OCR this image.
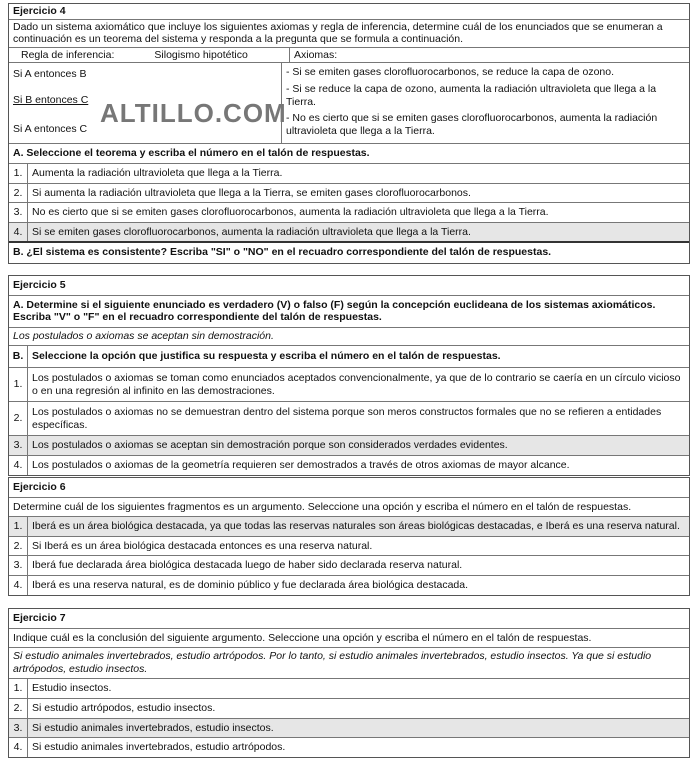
Ejercicio 4
Dado un sistema axiomático que incluye los siguientes axiomas y regla de inferencia, determine cuál de los enunciados que se enumeran a continuación es un teorema del sistema y responda a la pregunta que se formula a continuación.
Regla de inferencia:	Silogismo hipotético	Axiomas:
Si A entonces B
Si B entonces C
Si A entonces C
- Si se emiten gases clorofluorocarbonos, se reduce la capa de ozono.
- Si se reduce la capa de ozono, aumenta la radiación ultravioleta que llega a la Tierra.
- No es cierto que si se emiten gases clorofluorocarbonos, aumenta la radiación ultravioleta que llega a la Tierra.
A. Seleccione el teorema y escriba el número en el talón de respuestas.
1. Aumenta la radiación ultravioleta que llega a la Tierra.
2. Si aumenta la radiación ultravioleta que llega a la Tierra, se emiten gases clorofluorocarbonos.
3. No es cierto que si se emiten gases clorofluorocarbonos, aumenta la radiación ultravioleta que llega a la Tierra.
4. Si se emiten gases clorofluorocarbonos, aumenta la radiación ultravioleta que llega a la Tierra.
B. ¿El sistema es consistente? Escriba "SI" o "NO" en el recuadro correspondiente del talón de respuestas.
ALTILLO.COM
Ejercicio 5
A. Determine si el siguiente enunciado es verdadero (V) o falso (F) según la concepción euclideana de los sistemas axiomáticos. Escriba "V" o "F" en el recuadro correspondiente del talón de respuestas.
Los postulados o axiomas se aceptan sin demostración.
B. Seleccione la opción que justifica su respuesta y escriba el número en el talón de respuestas.
1.
Los postulados o axiomas se toman como enunciados aceptados convencionalmente, ya que de lo contrario se caería en un círculo vicioso o en una regresión al infinito en las demostraciones.
2.
Los postulados o axiomas no se demuestran dentro del sistema porque son meros constructos formales que no se refieren a entidades específicas.
3. Los postulados o axiomas se aceptan sin demostración porque son considerados verdades evidentes.
4. Los postulados o axiomas de la geometría requieren ser demostrados a través de otros axiomas de mayor alcance.
Ejercicio 6
Determine cuál de los siguientes fragmentos es un argumento. Seleccione una opción y escriba el número en el talón de respuestas.
1. Iberá es un área biológica destacada, ya que todas las reservas naturales son áreas biológicas destacadas, e Iberá es una reserva natural.
2. Si Iberá es un área biológica destacada entonces es una reserva natural.
3. Iberá fue declarada área biológica destacada luego de haber sido declarada reserva natural.
4. Iberá es una reserva natural, es de dominio público y fue declarada área biológica destacada.
Ejercicio 7
Indique cuál es la conclusión del siguiente argumento. Seleccione una opción y escriba el número en el talón de respuestas.
Si estudio animales invertebrados, estudio artrópodos. Por lo tanto, si estudio animales invertebrados, estudio insectos. Ya que si estudio artrópodos, estudio insectos.
1. Estudio insectos.
2. Si estudio artrópodos, estudio insectos.
3. Si estudio animales invertebrados, estudio insectos.
4. Si estudio animales invertebrados, estudio artrópodos.
